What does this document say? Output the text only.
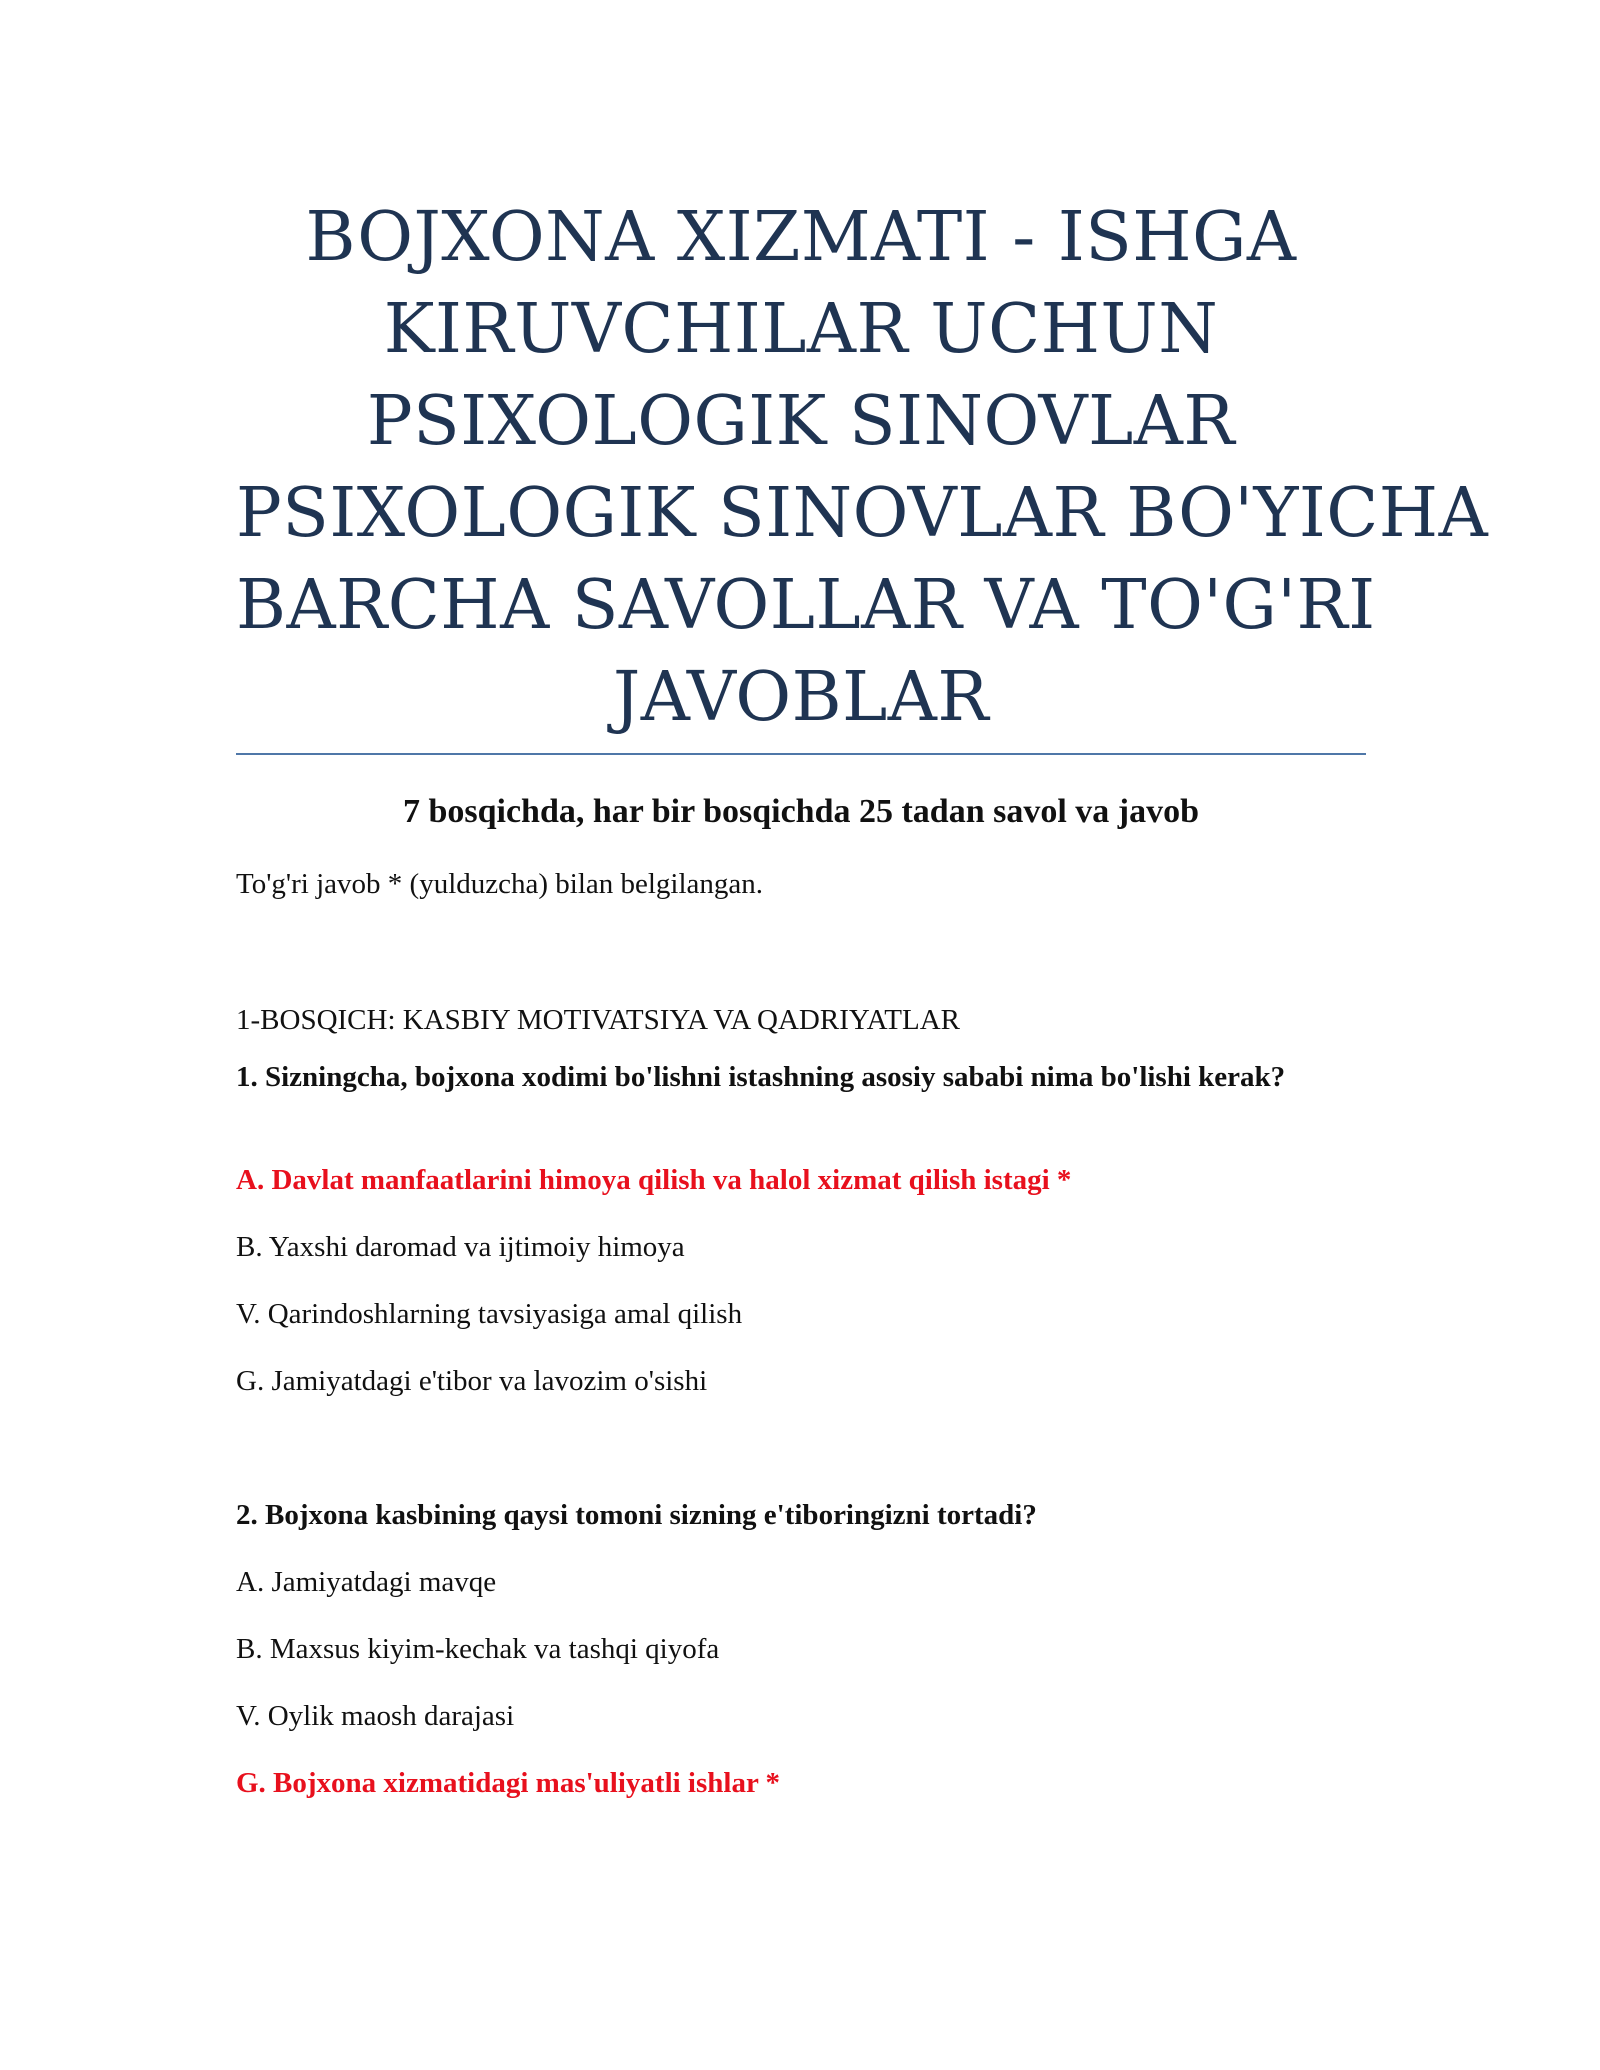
BOJXONA XIZMATI - ISHGA
KIRUVCHILAR UCHUN
PSIXOLOGIK SINOVLAR
PSIXOLOGIK SINOVLAR BO'YICHA
BARCHA SAVOLLAR VA TO'G'RI
JAVOBLAR
7 bosqichda, har bir bosqichda 25 tadan savol va javob
To'g'ri javob * (yulduzcha) bilan belgilangan.
1-BOSQICH: KASBIY MOTIVATSIYA VA QADRIYATLAR
1. Sizningcha, bojxona xodimi bo'lishni istashning asosiy sababi nima bo'lishi kerak?
A. Davlat manfaatlarini himoya qilish va halol xizmat qilish istagi *
B. Yaxshi daromad va ijtimoiy himoya
V. Qarindoshlarning tavsiyasiga amal qilish
G. Jamiyatdagi e'tibor va lavozim o'sishi
2. Bojxona kasbining qaysi tomoni sizning e'tiboringizni tortadi?
A. Jamiyatdagi mavqe
B. Maxsus kiyim-kechak va tashqi qiyofa
V. Oylik maosh darajasi
G. Bojxona xizmatidagi mas'uliyatli ishlar *
